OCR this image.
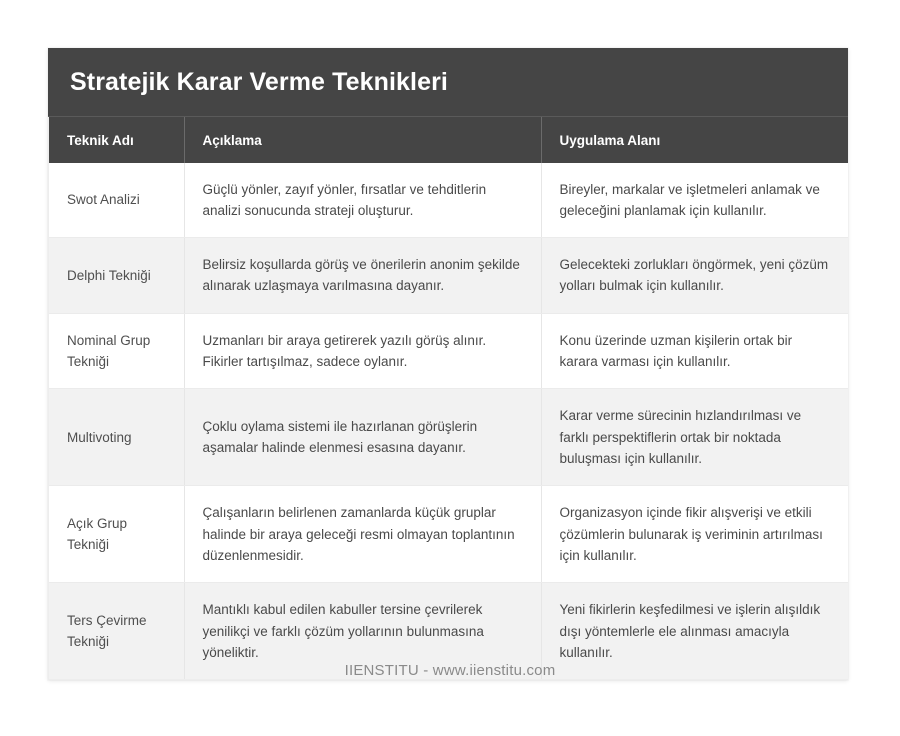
Stratejik Karar Verme Teknikleri
Teknik Adı	Açıklama	Uygulama Alanı
Swot Analizi	Güçlü yönler, zayıf yönler, fırsatlar ve tehditlerin analizi sonucunda strateji oluşturur.	Bireyler, markalar ve işletmeleri anlamak ve geleceğini planlamak için kullanılır.
Delphi Tekniği	Belirsiz koşullarda görüş ve önerilerin anonim şekilde alınarak uzlaşmaya varılmasına dayanır.	Gelecekteki zorlukları öngörmek, yeni çözüm yolları bulmak için kullanılır.
Nominal Grup Tekniği	Uzmanları bir araya getirerek yazılı görüş alınır. Fikirler tartışılmaz, sadece oylanır.	Konu üzerinde uzman kişilerin ortak bir karara varması için kullanılır.
Multivoting	Çoklu oylama sistemi ile hazırlanan görüşlerin aşamalar halinde elenmesi esasına dayanır.	Karar verme sürecinin hızlandırılması ve farklı perspektiflerin ortak bir noktada buluşması için kullanılır.
Açık Grup Tekniği	Çalışanların belirlenen zamanlarda küçük gruplar halinde bir araya geleceği resmi olmayan toplantının düzenlenmesidir.	Organizasyon içinde fikir alışverişi ve etkili çözümlerin bulunarak iş veriminin artırılması için kullanılır.
Ters Çevirme Tekniği	Mantıklı kabul edilen kabuller tersine çevrilerek yenilikçi ve farklı çözüm yollarının bulunmasına yöneliktir.	Yeni fikirlerin keşfedilmesi ve işlerin alışıldık dışı yöntemlerle ele alınması amacıyla kullanılır.
IIENSTITU - www.iienstitu.com
